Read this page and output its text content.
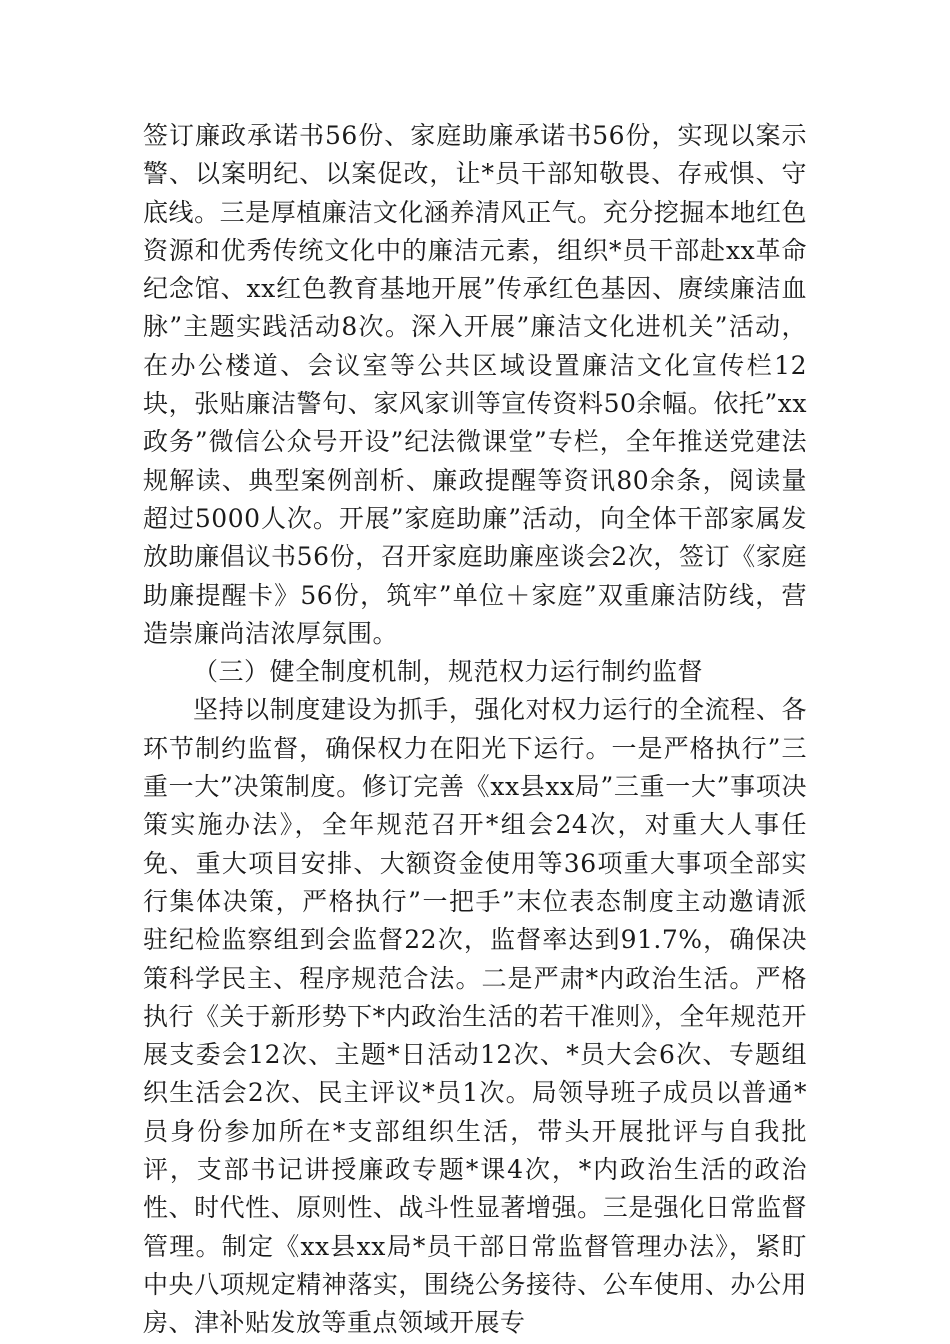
签订廉政承诺书56份、家庭助廉承诺书56份，实现以案示警、以案明纪、以案促改，让*员干部知敬畏、存戒惧、守底线。三是厚植廉洁文化涵养清风正气。充分挖掘本地红色资源和优秀传统文化中的廉洁元素，组织*员干部赴xx革命纪念馆、xx红色教育基地开展”传承红色基因、赓续廉洁血脉”主题实践活动8次。深入开展”廉洁文化进机关”活动，在办公楼道、会议室等公共区域设置廉洁文化宣传栏12块，张贴廉洁警句、家风家训等宣传资料50余幅。依托”xx政务”微信公众号开设”纪法微课堂”专栏，全年推送党建法规解读、典型案例剖析、廉政提醒等资讯80余条，阅读量超过5000人次。开展”家庭助廉”活动，向全体干部家属发放助廉倡议书56份，召开家庭助廉座谈会2次，签订《家庭助廉提醒卡》56份，筑牢”单位＋家庭”双重廉洁防线，营造崇廉尚洁浓厚氛围。

（三）健全制度机制，规范权力运行制约监督

坚持以制度建设为抓手，强化对权力运行的全流程、各环节制约监督，确保权力在阳光下运行。一是严格执行”三重一大”决策制度。修订完善《xx县xx局”三重一大”事项决策实施办法》，全年规范召开*组会24次，对重大人事任免、重大项目安排、大额资金使用等36项重大事项全部实行集体决策，严格执行”一把手”末位表态制度主动邀请派驻纪检监察组到会监督22次，监督率达到91.7%，确保决策科学民主、程序规范合法。二是严肃*内政治生活。严格执行《关于新形势下*内政治生活的若干准则》，全年规范开展支委会12次、主题*日活动12次、*员大会6次、专题组织生活会2次、民主评议*员1次。局领导班子成员以普通*员身份参加所在*支部组织生活，带头开展批评与自我批评，支部书记讲授廉政专题*课4次，*内政治生活的政治性、时代性、原则性、战斗性显著增强。三是强化日常监督管理。制定《xx县xx局*员干部日常监督管理办法》，紧盯中央八项规定精神落实，围绕公务接待、公车使用、办公用房、津补贴发放等重点领域开展专
